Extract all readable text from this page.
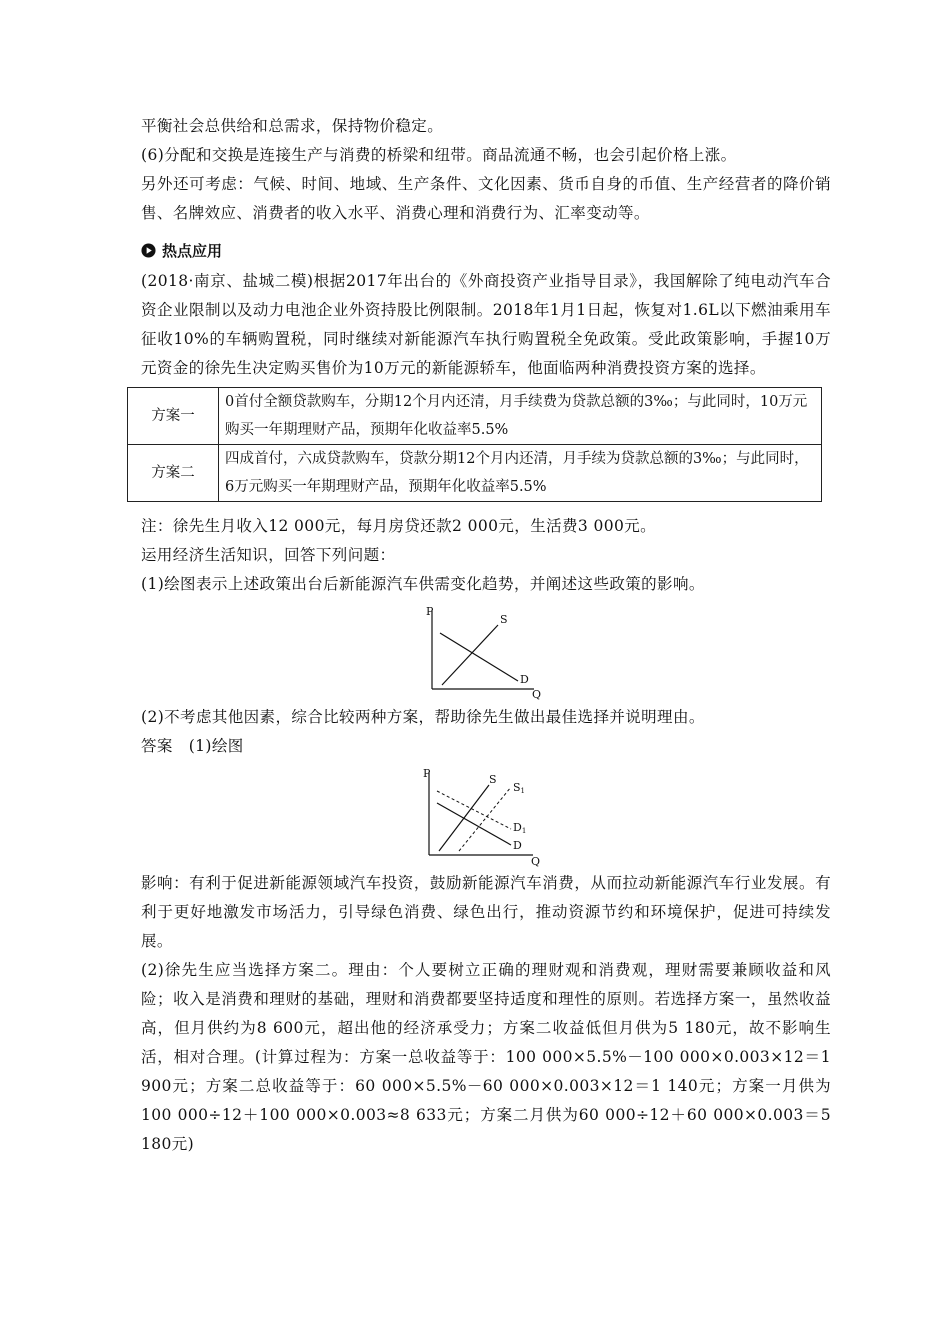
平衡社会总供给和总需求，保持物价稳定。

(6)分配和交换是连接生产与消费的桥梁和纽带。商品流通不畅，也会引起价格上涨。

另外还可考虑：气候、时间、地域、生产条件、文化因素、货币自身的币值、生产经营者的降价销售、名牌效应、消费者的收入水平、消费心理和消费行为、汇率变动等。

热点应用

(2018·南京、盐城二模)根据2017年出台的《外商投资产业指导目录》，我国解除了纯电动汽车合资企业限制以及动力电池企业外资持股比例限制。2018年1月1日起，恢复对1.6L以下燃油乘用车征收10%的车辆购置税，同时继续对新能源汽车执行购置税全免政策。受此政策影响，手握10万元资金的徐先生决定购买售价为10万元的新能源轿车，他面临两种消费投资方案的选择。

方案一	0首付全额贷款购车，分期12个月内还清，月手续费为贷款总额的3‰；与此同时，10万元购买一年期理财产品，预期年化收益率5.5%
方案二	四成首付，六成贷款购车，贷款分期12个月内还清，月手续为贷款总额的3‰；与此同时，6万元购买一年期理财产品，预期年化收益率5.5%

注：徐先生月收入12 000元，每月房贷还款2 000元，生活费3 000元。

运用经济生活知识，回答下列问题：

(1)绘图表示上述政策出台后新能源汽车供需变化趋势，并阐述这些政策的影响。

P
Q
S
D

(2)不考虑其他因素，综合比较两种方案，帮助徐先生做出最佳选择并说明理由。

答案　(1)绘图

P
Q
S
S1
D
D1

影响：有利于促进新能源领域汽车投资，鼓励新能源汽车消费，从而拉动新能源汽车行业发展。有利于更好地激发市场活力，引导绿色消费、绿色出行，推动资源节约和环境保护，促进可持续发展。

(2)徐先生应当选择方案二。理由：个人要树立正确的理财观和消费观，理财需要兼顾收益和风险；收入是消费和理财的基础，理财和消费都要坚持适度和理性的原则。若选择方案一，虽然收益高，但月供约为8 600元，超出他的经济承受力；方案二收益低但月供为5 180元，故不影响生活，相对合理。(计算过程为：方案一总收益等于：100 000×5.5%－100 000×0.003×12＝1 900元；方案二总收益等于：60 000×5.5%－60 000×0.003×12＝1 140元；方案一月供为100 000÷12＋100 000×0.003≈8 633元；方案二月供为60 000÷12＋60 000×0.003＝5 180元)
